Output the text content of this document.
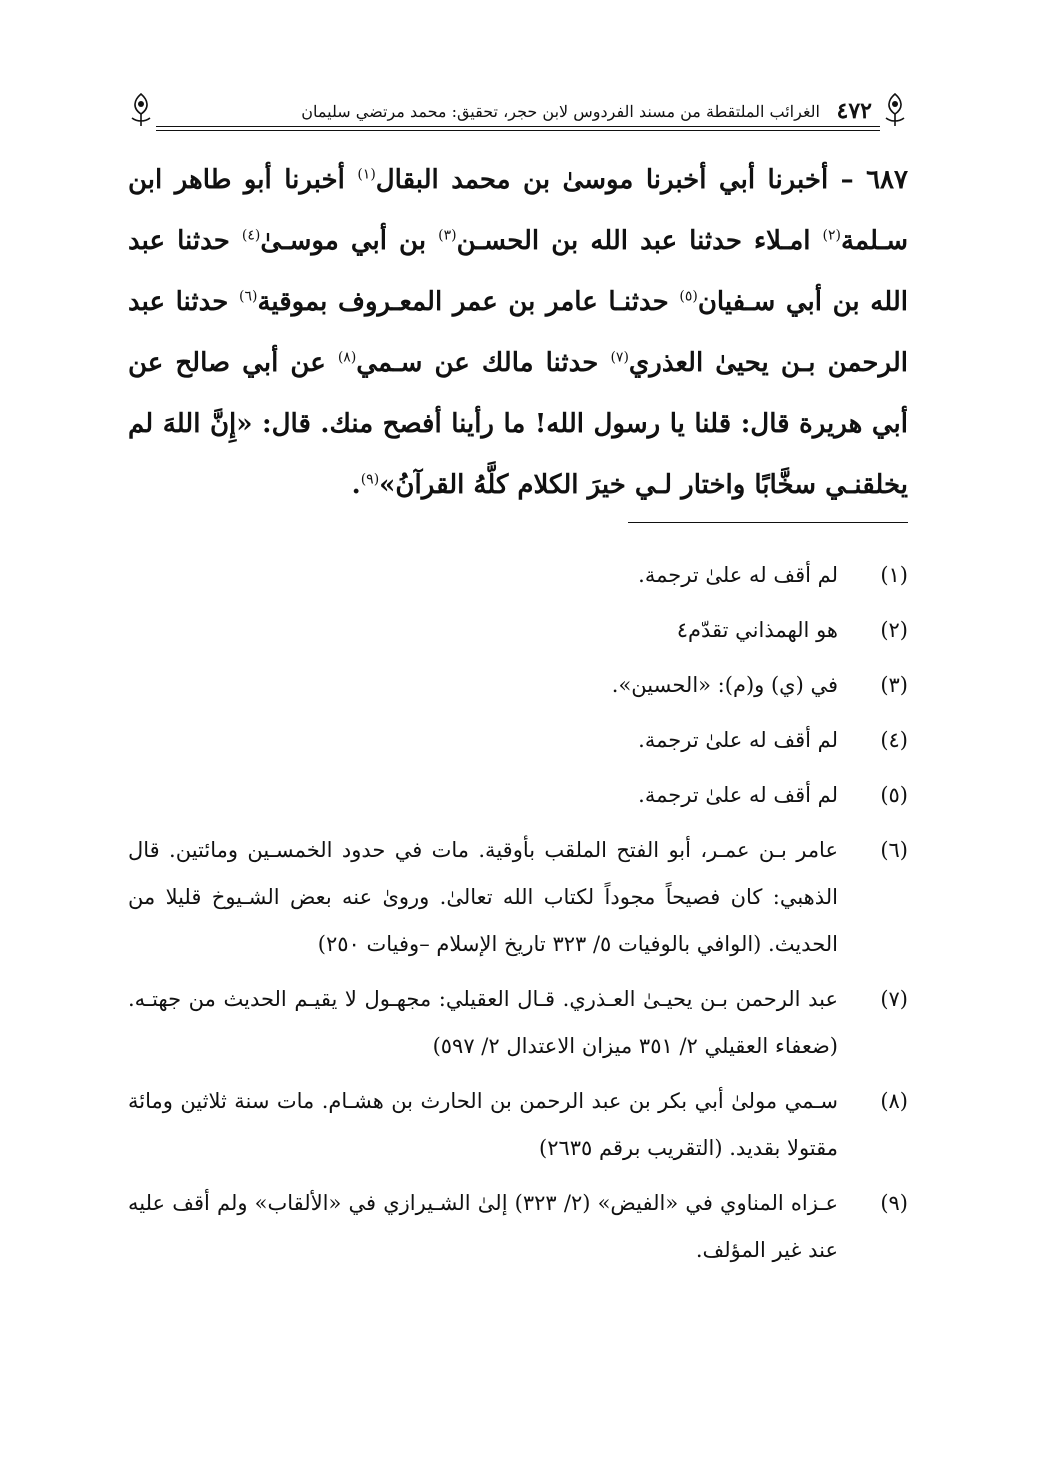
٤٧٢
الغرائب الملتقطة من مسند الفردوس لابن حجر، تحقيق: محمد مرتضي سليمان
٦٨٧ – أخبرنا أبي أخبرنا موسىٰ بن محمد البقال$^{(١)}$ أخبرنا أبو طاهر ابن سـلمة$^{(٢)}$ امـلاء حدثنا عبد الله بن الحسـن$^{(٣)}$ بن أبي موسـىٰ$^{(٤)}$ حدثنا عبد الله بن أبي سـفيان$^{(٥)}$ حدثنـا عامر بن عمر المعـروف بموقية$^{(٦)}$ حدثنا عبد الرحمن بـن يحيىٰ العذري$^{(٧)}$ حدثنا مالك عن سـمي$^{(٨)}$ عن أبي صالح عن أبي هريرة قال: قلنا يا رسول الله! ما رأينا أفصح منك. قال: «إِنَّ اللهَ لم يخلقنـي سخَّابًا واختار لـي خيرَ الكلام كلَّهُ القرآنُ»$^{(٩)}$.
(١)
لم أقف له علىٰ ترجمة.
(٢)
هو الهمذاني تقدّم٤
(٣)
في (ي) و(م): «الحسين».
(٤)
لم أقف له علىٰ ترجمة.
(٥)
لم أقف له علىٰ ترجمة.
(٦)
عامر بـن عمـر، أبو الفتح الملقب بأوقية. مات في حدود الخمسـين ومائتين. قال الذهبي: كان فصيحاً مجوداً لكتاب الله تعالىٰ. وروىٰ عنه بعض الشـيوخ قليلا من الحديث. (الوافي بالوفيات ٥/ ٣٢٣ تاريخ الإسلام –وفيات ٢٥٠)
(٧)
عبد الرحمن بـن يحيـىٰ العـذري. قـال العقيلي: مجهـول لا يقيـم الحديث من جهتـه. (ضعفاء العقيلي ٢/ ٣٥١ ميزان الاعتدال ٢/ ٥٩٧)
(٨)
سـمي مولىٰ أبي بكر بن عبد الرحمن بن الحارث بن هشـام. مات سنة ثلاثين ومائة مقتولا بقديد. (التقريب برقم ٢٦٣٥)
(٩)
عـزاه المناوي في «الفيض» (٢/ ٣٢٣) إلىٰ الشـيرازي في «الألقاب» ولم أقف عليه عند غير المؤلف.
